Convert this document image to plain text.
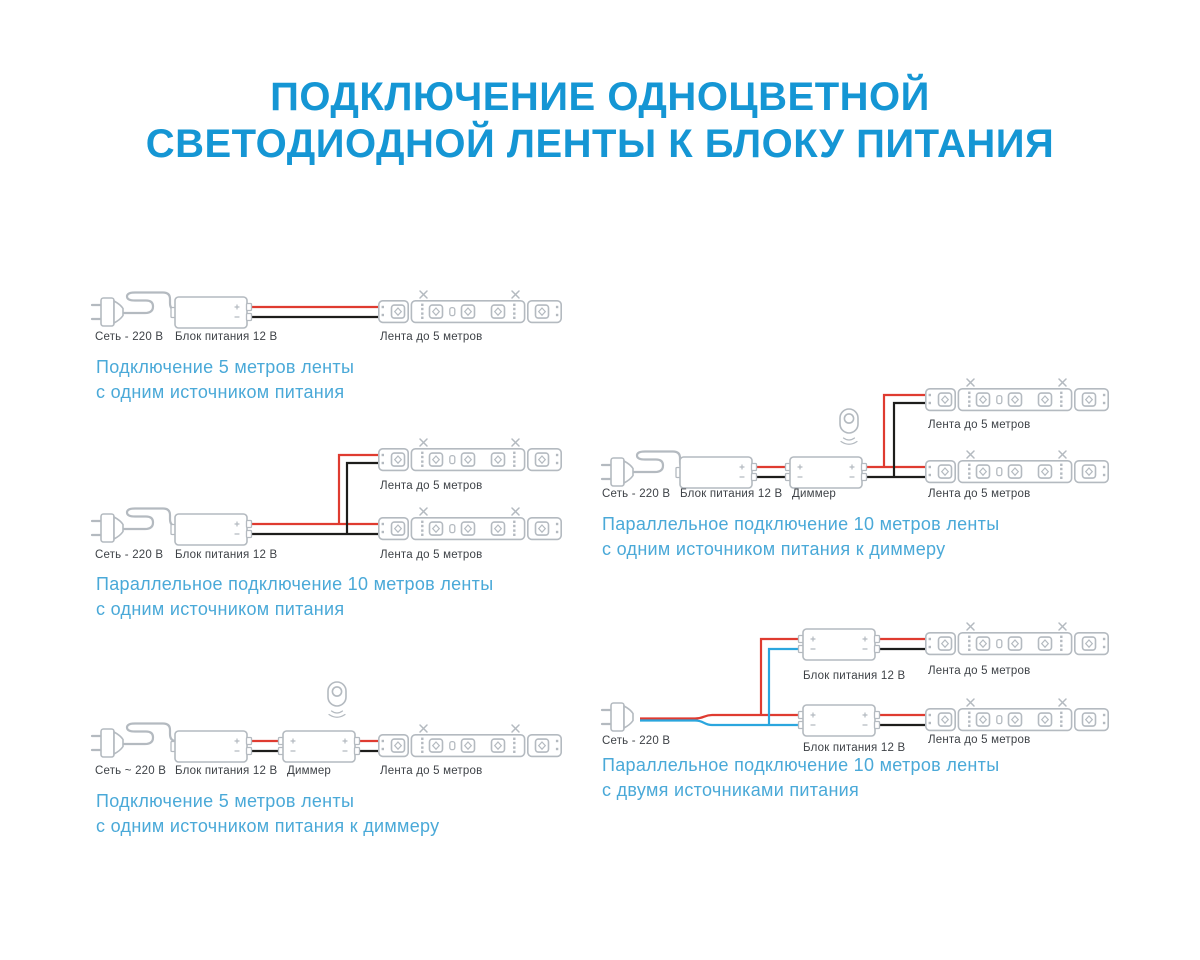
ПОДКЛЮЧЕНИЕ ОДНОЦВЕТНОЙ
СВЕТОДИОДНОЙ ЛЕНТЫ К БЛОКУ ПИТАНИЯ
Сеть - 220 В Блок питания 12 В	Лента до 5 метров
Подключение 5 метров ленты
с одним источником питания
Лента до 5 метров
Сеть - 220 В Блок питания 12 В	Лента до 5 метров
Параллельное подключение 10 метров ленты
с одним источником питания
Сеть ~ 220 В Блок питания 12 В Диммер	Лента до 5 метров
Подключение 5 метров ленты
с одним источником питания к диммеру
Лента до 5 метров
Сеть - 220 В Блок питания 12 В Диммер	Лента до 5 метров
Параллельное подключение 10 метров ленты
с одним источником питания к диммеру
Лента до 5 метров
Блок питания 12 В
Сеть - 220 В	Лента до 5 метров
Блок питания 12 В
Параллельное подключение 10 метров ленты
с двумя источниками питания
